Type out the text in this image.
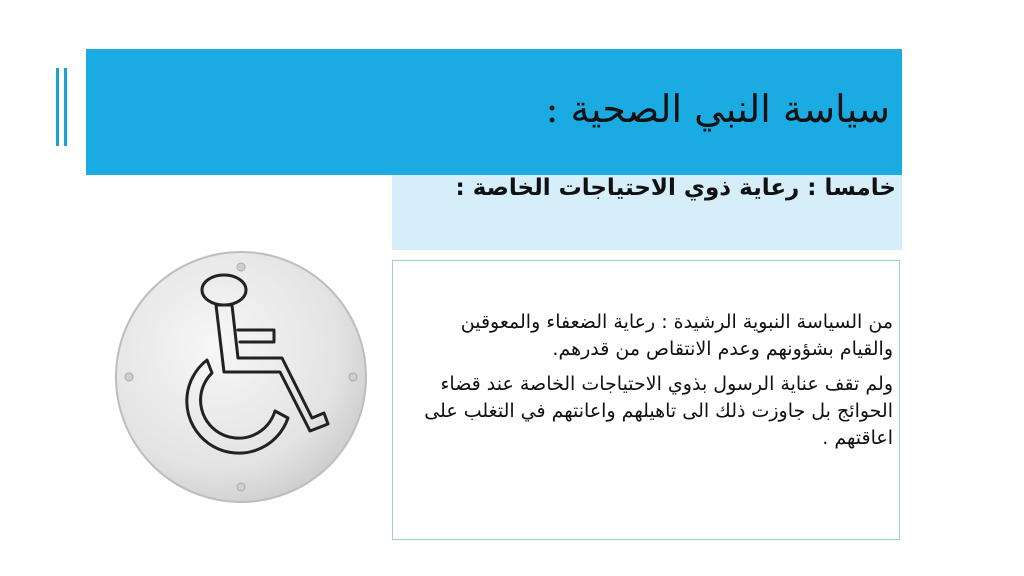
سياسة النبي الصحية :
خامسا : رعاية ذوي الاحتياجات الخاصة :

من السياسة النبوية الرشيدة : رعاية الضعفاء والمعوقين والقيام بشؤونهم وعدم الانتقاص من قدرهم.

ولم تقف عناية الرسول بذوي الاحتياجات الخاصة عند قضاء الحوائج بل جاوزت ذلك الى تاهيلهم واعانتهم في التغلب على اعاقتهم .
